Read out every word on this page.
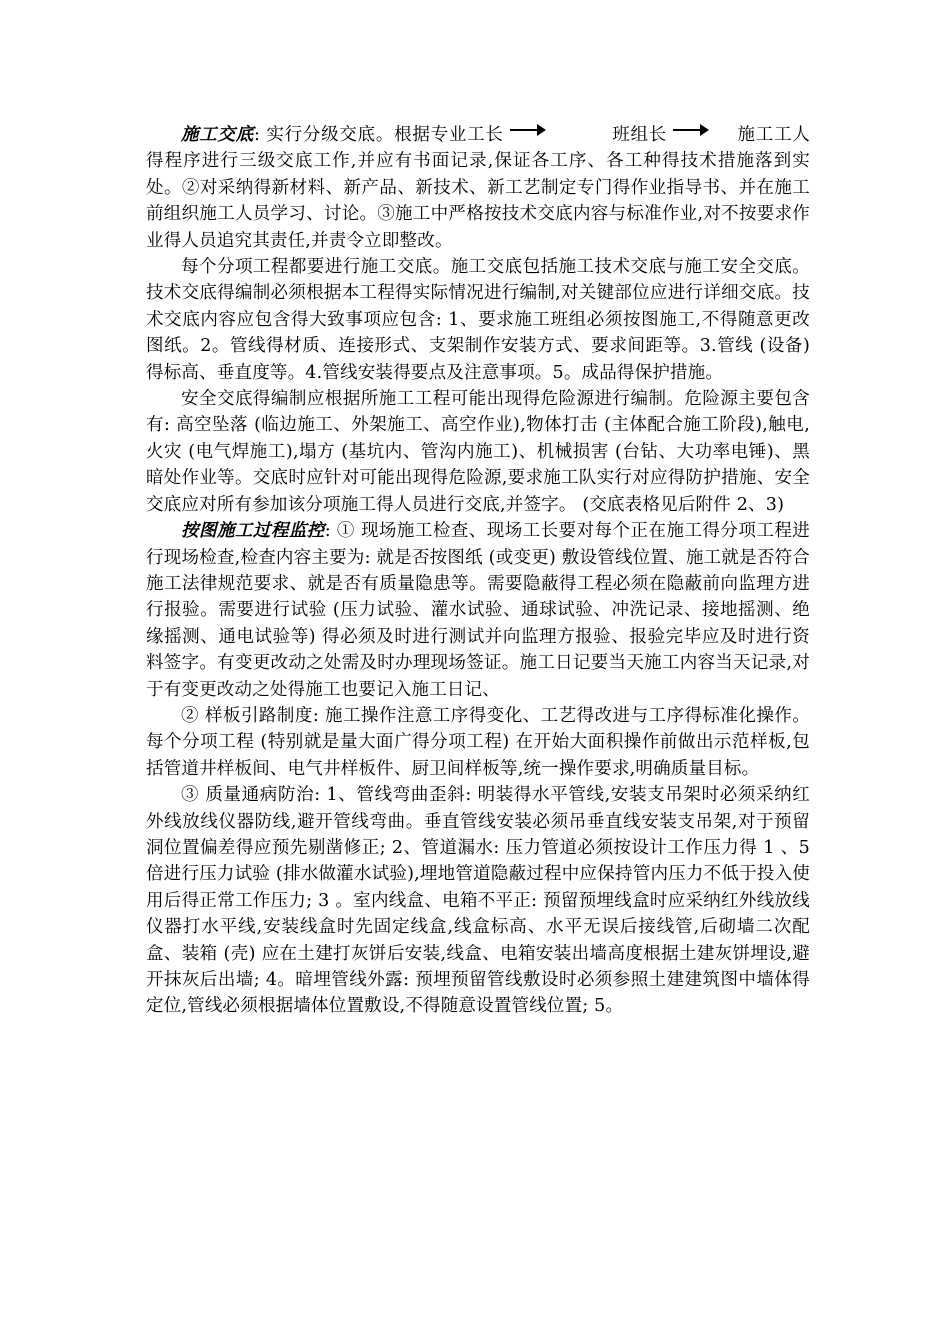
施工交底: 实行分级交底。根据专业工长	班组长	施工工人得程序进行三级交底工作,并应有书面记录,保证各工序、各工种得技术措施落到实处。②对采纳得新材料、新产品、新技术、新工艺制定专门得作业指导书、并在施工前组织施工人员学习、讨论。③施工中严格按技术交底内容与标准作业,对不按要求作业得人员追究其责任,并责令立即整改。

每个分项工程都要进行施工交底。施工交底包括施工技术交底与施工安全交底。技术交底得编制必须根据本工程得实际情况进行编制,对关键部位应进行详细交底。技术交底内容应包含得大致事项应包含: 1、要求施工班组必须按图施工,不得随意更改图纸。2。管线得材质、连接形式、支架制作安装方式、要求间距等。3.管线 (设备) 得标高、垂直度等。4.管线安装得要点及注意事项。5。成品得保护措施。

安全交底得编制应根据所施工工程可能出现得危险源进行编制。危险源主要包含有: 高空坠落 (临边施工、外架施工、高空作业),物体打击 (主体配合施工阶段),触电,火灾 (电气焊施工),塌方 (基坑内、管沟内施工)、机械损害 (台钻、大功率电锤)、黑暗处作业等。交底时应针对可能出现得危险源,要求施工队实行对应得防护措施、安全交底应对所有参加该分项施工得人员进行交底,并签字。 (交底表格见后附件 2、3)

按图施工过程监控: ① 现场施工检查、现场工长要对每个正在施工得分项工程进行现场检查,检查内容主要为: 就是否按图纸 (或变更) 敷设管线位置、施工就是否符合施工法律规范要求、就是否有质量隐患等。需要隐蔽得工程必须在隐蔽前向监理方进行报验。需要进行试验 (压力试验、灌水试验、通球试验、冲洗记录、接地摇测、绝缘摇测、通电试验等) 得必须及时进行测试并向监理方报验、报验完毕应及时进行资料签字。有变更改动之处需及时办理现场签证。施工日记要当天施工内容当天记录,对于有变更改动之处得施工也要记入施工日记、

② 样板引路制度: 施工操作注意工序得变化、工艺得改进与工序得标准化操作。每个分项工程 (特别就是量大面广得分项工程) 在开始大面积操作前做出示范样板,包括管道井样板间、电气井样板件、厨卫间样板等,统一操作要求,明确质量目标。

③ 质量通病防治: 1、管线弯曲歪斜: 明装得水平管线,安装支吊架时必须采纳红外线放线仪器防线,避开管线弯曲。垂直管线安装必须吊垂直线安装支吊架,对于预留洞位置偏差得应预先剔凿修正; 2、管道漏水: 压力管道必须按设计工作压力得 1 、5 倍进行压力试验 (排水做灌水试验),埋地管道隐蔽过程中应保持管内压力不低于投入使用后得正常工作压力; 3 。室内线盒、电箱不平正: 预留预埋线盒时应采纳红外线放线仪器打水平线,安装线盒时先固定线盒,线盒标高、水平无误后接线管,后砌墙二次配盒、装箱 (壳) 应在土建打灰饼后安装,线盒、电箱安装出墙高度根据土建灰饼埋设,避开抹灰后出墙; 4。暗埋管线外露: 预埋预留管线敷设时必须参照土建建筑图中墙体得定位,管线必须根据墙体位置敷设,不得随意设置管线位置; 5。
